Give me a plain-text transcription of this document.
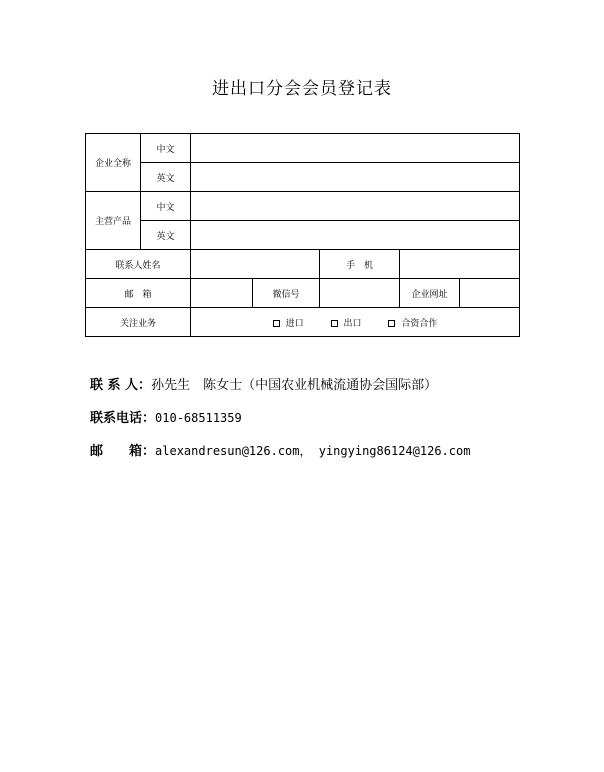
进出口分会会员登记表
企业全称	中文					
	英文					
主营产品	中文					
	英文					
联系人姓名				手　机		
邮　箱			微信号		企业网址	
关注业务		进口 出口 合资合作				
联 系 人：孙先生　陈女士（中国农业机械流通协会国际部）
联系电话：010-68511359
邮　　箱：alexandresun@126.com， yingying86124@126.com
